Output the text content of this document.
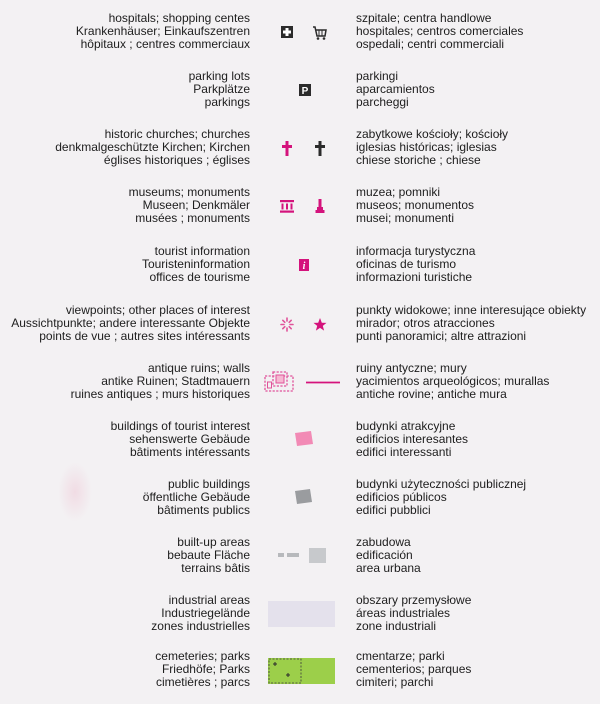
hospitals; shopping centes
Krankenhäuser; Einkaufszentren
hôpitaux ; centres commerciaux
szpitale; centra handlowe
hospitales; centros comerciales
ospedali; centri commerciali
parking lots
Parkplätze
parkings
P
parkingi
aparcamientos
parcheggi
historic churches; churches
denkmalgeschützte Kirchen; Kirchen
églises historiques ; églises
zabytkowe kościoły; kościoły
iglesias históricas; iglesias
chiese storiche ; chiese
museums; monuments
Museen; Denkmäler
musées ; monuments
muzea; pomniki
museos; monumentos
musei; monumenti
tourist information
Touristeninformation
offices de tourisme
i
informacja turystyczna
oficinas de turismo
informazioni turistiche
viewpoints; other places of interest
Aussichtpunkte; andere interessante Objekte
points de vue ; autres sites intéressants
punkty widokowe; inne interesujące obiekty
mirador; otros atracciones
punti panoramici; altre attrazioni
antique ruins; walls
antike Ruinen; Stadtmauern
ruines antiques ; murs historiques
ruiny antyczne; mury
yacimientos arqueológicos; murallas
antiche rovine; antiche mura
buildings of tourist interest
sehenswerte Gebäude
bâtiments intéressants
budynki atrakcyjne
edificios interesantes
edifici interessanti
public buildings
öffentliche Gebäude
bâtiments publics
budynki użyteczności publicznej
edificios públicos
edifici pubblici
built-up areas
bebaute Fläche
terrains bâtis
zabudowa
edificación
area urbana
industrial areas
Industriegelände
zones industrielles
obszary przemysłowe
áreas industriales
zone industriali
cemeteries; parks
Friedhöfe; Parks
cimetières ; parcs
cmentarze; parki
cementerios; parques
cimiteri; parchi
